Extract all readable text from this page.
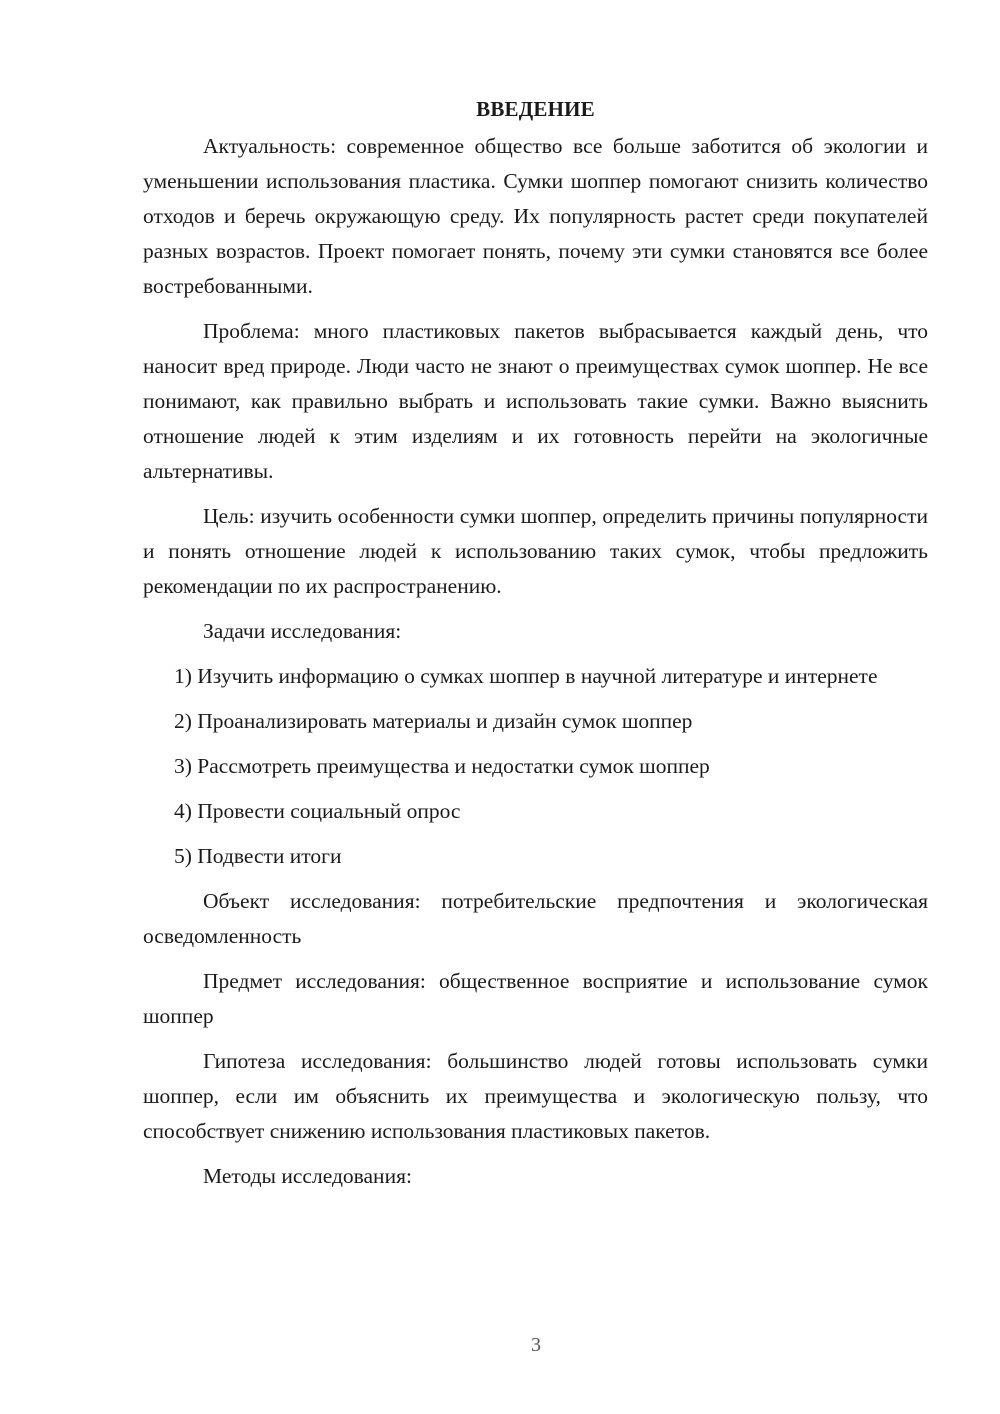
ВВЕДЕНИЕ

Актуальность: современное общество все больше заботится об экологии и уменьшении использования пластика. Сумки шоппер помогают снизить количество отходов и беречь окружающую среду. Их популярность растет среди покупателей разных возрастов. Проект помогает понять, почему эти сумки становятся все более востребованными.

Проблема: много пластиковых пакетов выбрасывается каждый день, что наносит вред природе. Люди часто не знают о преимуществах сумок шоппер. Не все понимают, как правильно выбрать и использовать такие сумки. Важно выяснить отношение людей к этим изделиям и их готовность перейти на экологичные альтернативы.

Цель: изучить особенности сумки шоппер, определить причины популярности и понять отношение людей к использованию таких сумок, чтобы предложить рекомендации по их распространению.

Задачи исследования:

1) Изучить информацию о сумках шоппер в научной литературе и интернете

2) Проанализировать материалы и дизайн сумок шоппер

3) Рассмотреть преимущества и недостатки сумок шоппер

4) Провести социальный опрос

5) Подвести итоги

Объект исследования: потребительские предпочтения и экологическая осведомленность

Предмет исследования: общественное восприятие и использование сумок шоппер

Гипотеза исследования: большинство людей готовы использовать сумки шоппер, если им объяснить их преимущества и экологическую пользу, что способствует снижению использования пластиковых пакетов.

Методы исследования:

3
